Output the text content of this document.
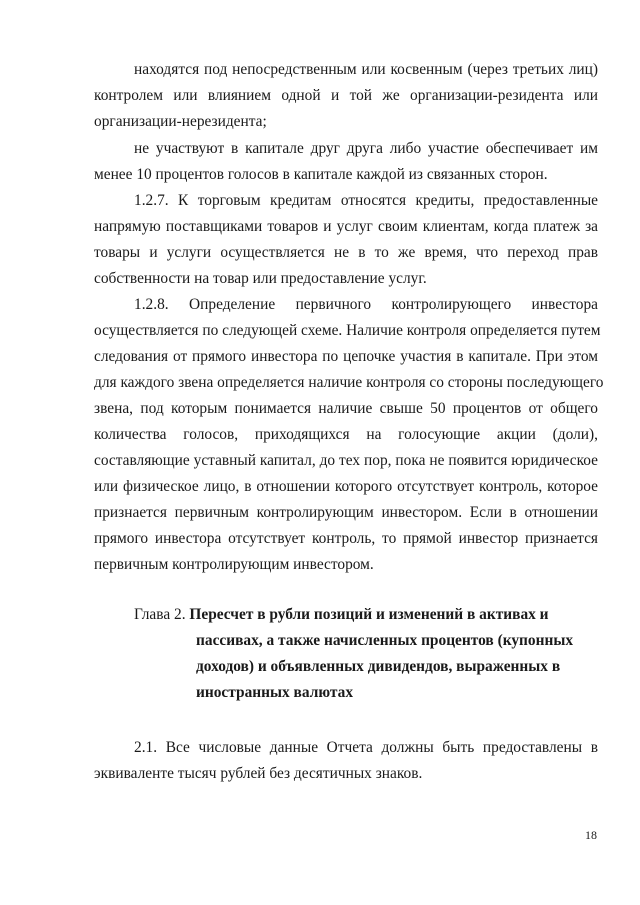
находятся под непосредственным или косвенным (через третьих лиц)
контролем или влиянием одной и той же организации-резидента или
организации-нерезидента;
не участвуют в капитале друг друга либо участие обеспечивает им
менее 10 процентов голосов в капитале каждой из связанных сторон.
1.2.7. К торговым кредитам относятся кредиты, предоставленные
напрямую поставщиками товаров и услуг своим клиентам, когда платеж за
товары и услуги осуществляется не в то же время, что переход прав
собственности на товар или предоставление услуг.
1.2.8. Определение первичного контролирующего инвестора
осуществляется по следующей схеме. Наличие контроля определяется путем
следования от прямого инвестора по цепочке участия в капитале. При этом
для каждого звена определяется наличие контроля со стороны последующего
звена, под которым понимается наличие свыше 50 процентов от общего
количества голосов, приходящихся на голосующие акции (доли),
составляющие уставный капитал, до тех пор, пока не появится юридическое
или физическое лицо, в отношении которого отсутствует контроль, которое
признается первичным контролирующим инвестором. Если в отношении
прямого инвестора отсутствует контроль, то прямой инвестор признается
первичным контролирующим инвестором.
Глава 2. Пересчет в рубли позиций и изменений в активах и
пассивах, а также начисленных процентов (купонных
доходов) и объявленных дивидендов, выраженных в
иностранных валютах
2.1. Все числовые данные Отчета должны быть предоставлены в
эквиваленте тысяч рублей без десятичных знаков.
18
